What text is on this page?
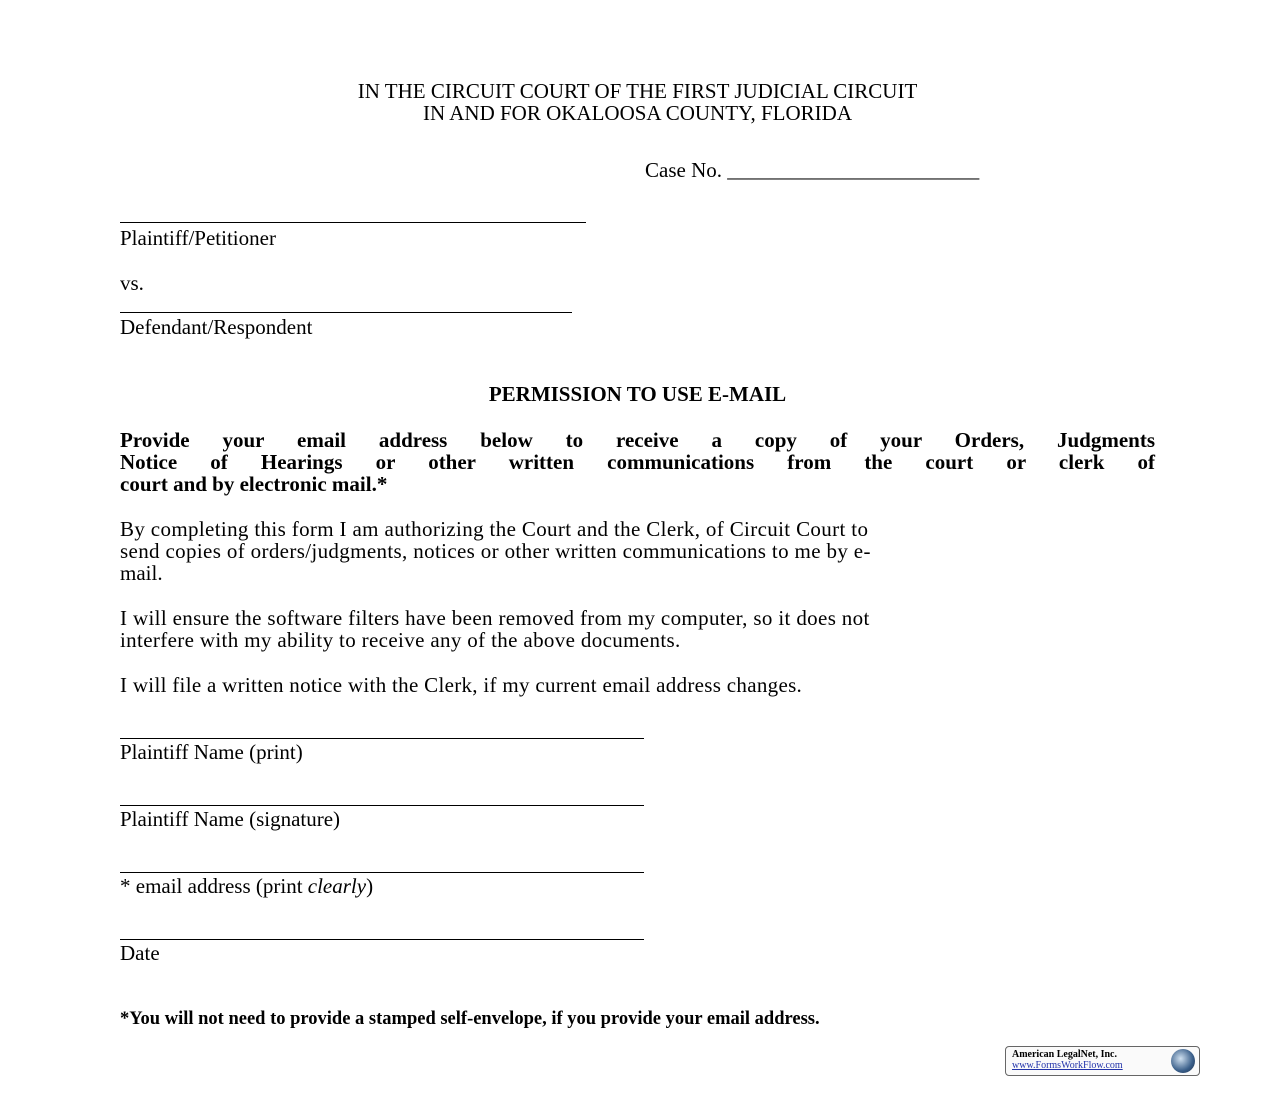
IN THE CIRCUIT COURT OF THE FIRST JUDICIAL CIRCUIT
IN AND FOR OKALOOSA COUNTY, FLORIDA
Case No. ________________________
Plaintiff/Petitioner
vs.
Defendant/Respondent
PERMISSION TO USE E-MAIL
Provide your email address below to receive a copy of your Orders, Judgments
Notice of Hearings or other written communications from the court or clerk of
court and by electronic mail.*
By completing this form I am authorizing the Court and the Clerk, of Circuit Court to
send copies of orders/judgments, notices or other written communications to me by e-
mail.
I will ensure the software filters have been removed from my computer, so it does not
interfere with my ability to receive any of the above documents.
I will file a written notice with the Clerk, if my current email address changes.
Plaintiff Name (print)
Plaintiff Name (signature)
* email address (print clearly)
Date
*You will not need to provide a stamped self-envelope, if you provide your email address.
American LegalNet, Inc.
www.FormsWorkFlow.com
